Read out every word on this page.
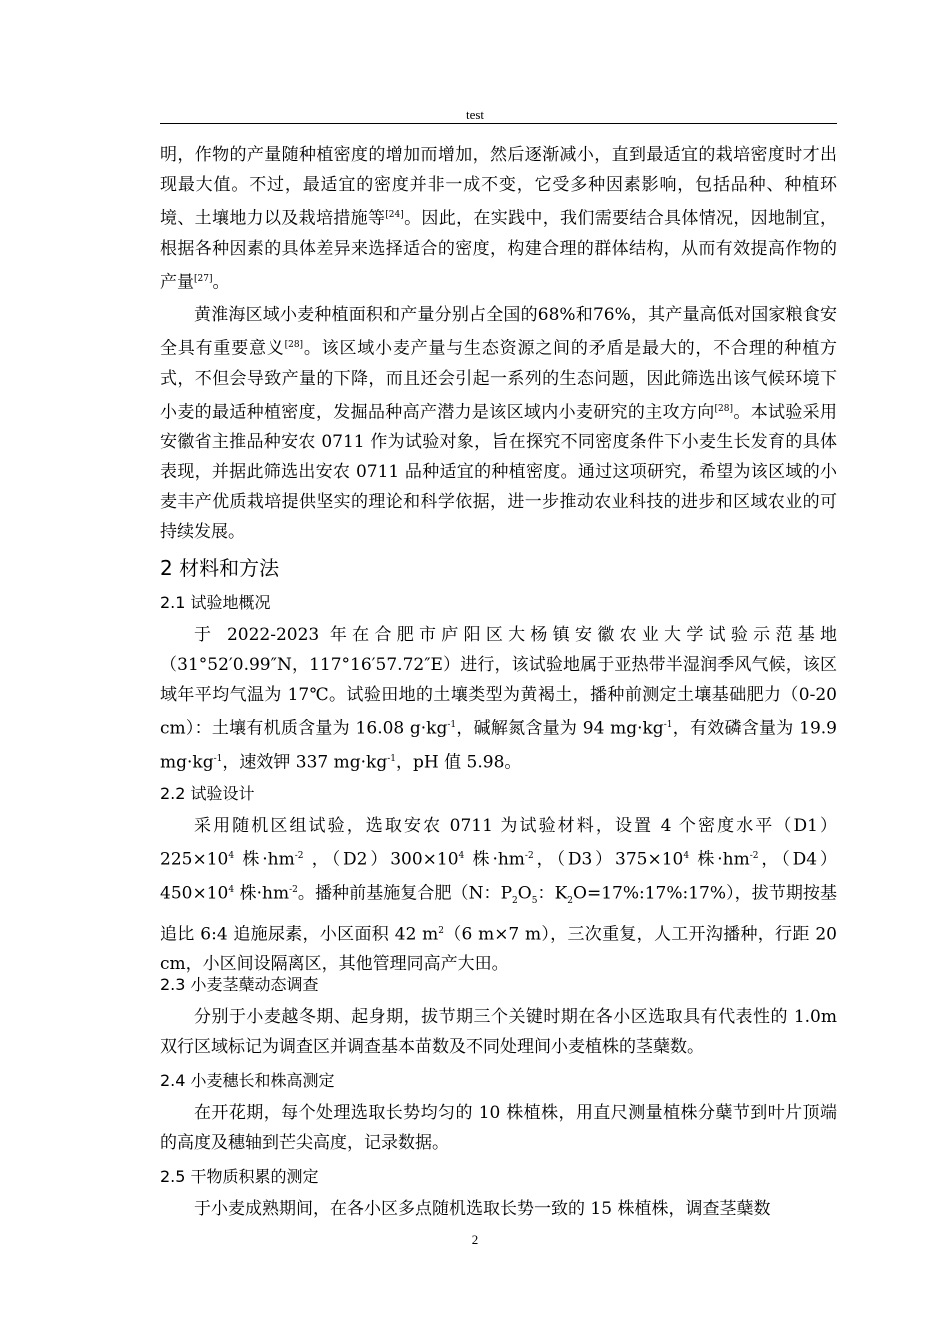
test
明，作物的产量随种植密度的增加而增加，然后逐渐减小，直到最适宜的栽培密度时才出现最大值。不过，最适宜的密度并非一成不变，它受多种因素影响，包括品种、种植环境、土壤地力以及栽培措施等[24]。因此，在实践中，我们需要结合具体情况，因地制宜，根据各种因素的具体差异来选择适合的密度，构建合理的群体结构，从而有效提高作物的产量[27]。
黄淮海区域小麦种植面积和产量分别占全国的68%和76%，其产量高低对国家粮食安全具有重要意义[28]。该区域小麦产量与生态资源之间的矛盾是最大的，不合理的种植方式，不但会导致产量的下降，而且还会引起一系列的生态问题，因此筛选出该气候环境下小麦的最适种植密度，发掘品种高产潜力是该区域内小麦研究的主攻方向[28]。本试验采用安徽省主推品种安农 0711 作为试验对象，旨在探究不同密度条件下小麦生长发育的具体表现，并据此筛选出安农 0711 品种适宜的种植密度。通过这项研究，希望为该区域的小麦丰产优质栽培提供坚实的理论和科学依据，进一步推动农业科技的进步和区域农业的可持续发展。
2 材料和方法
2.1 试验地概况
于 2022-2023 年在合肥市庐阳区大杨镇安徽农业大学试验示范基地（31°52′0.99″N，117°16′57.72″E）进行，该试验地属于亚热带半湿润季风气候，该区域年平均气温为 17℃。试验田地的土壤类型为黄褐土，播种前测定土壤基础肥力（0-20 cm）：土壤有机质含量为 16.08 $g\cdot kg^{-1}$，碱解氮含量为 94 $mg\cdot kg^{-1}$，有效磷含量为 19.9 $mg\cdot kg^{-1}$，速效钾 337 $mg\cdot kg^{-1}$，pH 值 5.98。
2.2 试验设计
采用随机区组试验，选取安农 0711 为试验材料，设置 4 个密度水平$(D1)225\times 10^4$ 株$\cdot hm^{-2}$ ，$(D2)300\times 10^4$ 株$\cdot hm^{-2}$，$(D3)375\times 10^4$ 株$\cdot hm^{-2}$，$(D4)450\times 10^4$ 株$\cdot hm^{-2}$。播种前基施复合肥（N：$P_2O_5$：$K_2O=17\%:17\%:17\%$），拔节期按基追比 6:4 追施尿素，小区面积 42 $m^2(6$ m×7 m），三次重复，人工开沟播种，行距 20 cm，小区间设隔离区，其他管理同高产大田。
2.3 小麦茎蘖动态调查
分别于小麦越冬期、起身期，拔节期三个关键时期在各小区选取具有代表性的 1.0m 双行区域标记为调查区并调查基本苗数及不同处理间小麦植株的茎蘖数。
2.4 小麦穗长和株高测定
在开花期，每个处理选取长势均匀的 10 株植株，用直尺测量植株分蘖节到叶片顶端的高度及穗轴到芒尖高度，记录数据。
2.5 干物质积累的测定
于小麦成熟期间，在各小区多点随机选取长势一致的 15 株植株，调查茎蘖数
2
